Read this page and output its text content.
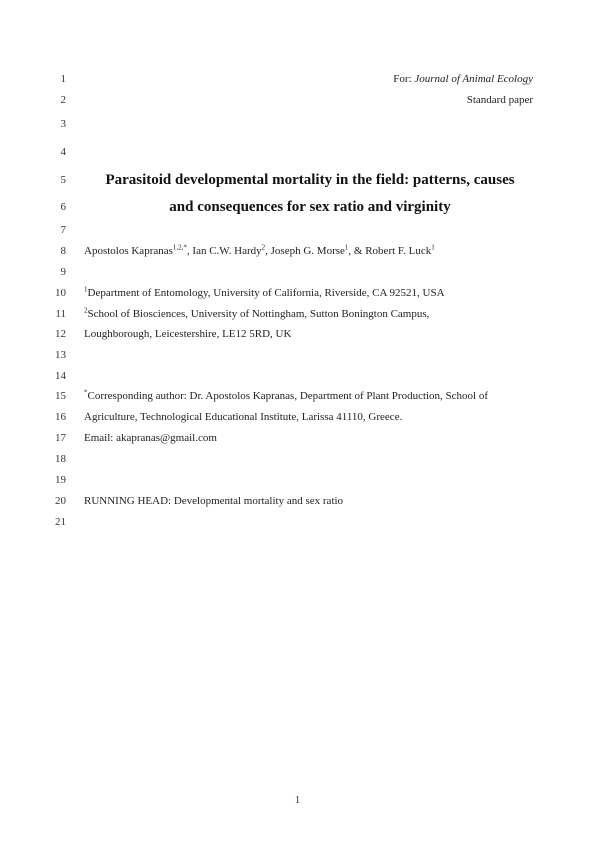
1
2
3
4
5
6
7
8
9
10
11
12
13
14
15
16
17
18
19
20
21
For: Journal of Animal Ecology
Standard paper
Parasitoid developmental mortality in the field: patterns, causes
and consequences for sex ratio and virginity
Apostolos Kapranas$^{1,2,*}$, Ian C.W. Hardy$^2$, Joseph G. Morse$^1$, & Robert F. Luck$^1$
$^1$Department of Entomology, University of California, Riverside, CA 92521, USA
$^2$School of Biosciences, University of Nottingham, Sutton Bonington Campus,
Loughborough, Leicestershire, LE12 5RD, UK
*Corresponding author: Dr. Apostolos Kapranas, Department of Plant Production, School of
Agriculture, Technological Educational Institute, Larissa 41110, Greece.
Email: akapranas@gmail.com
RUNNING HEAD: Developmental mortality and sex ratio
1
